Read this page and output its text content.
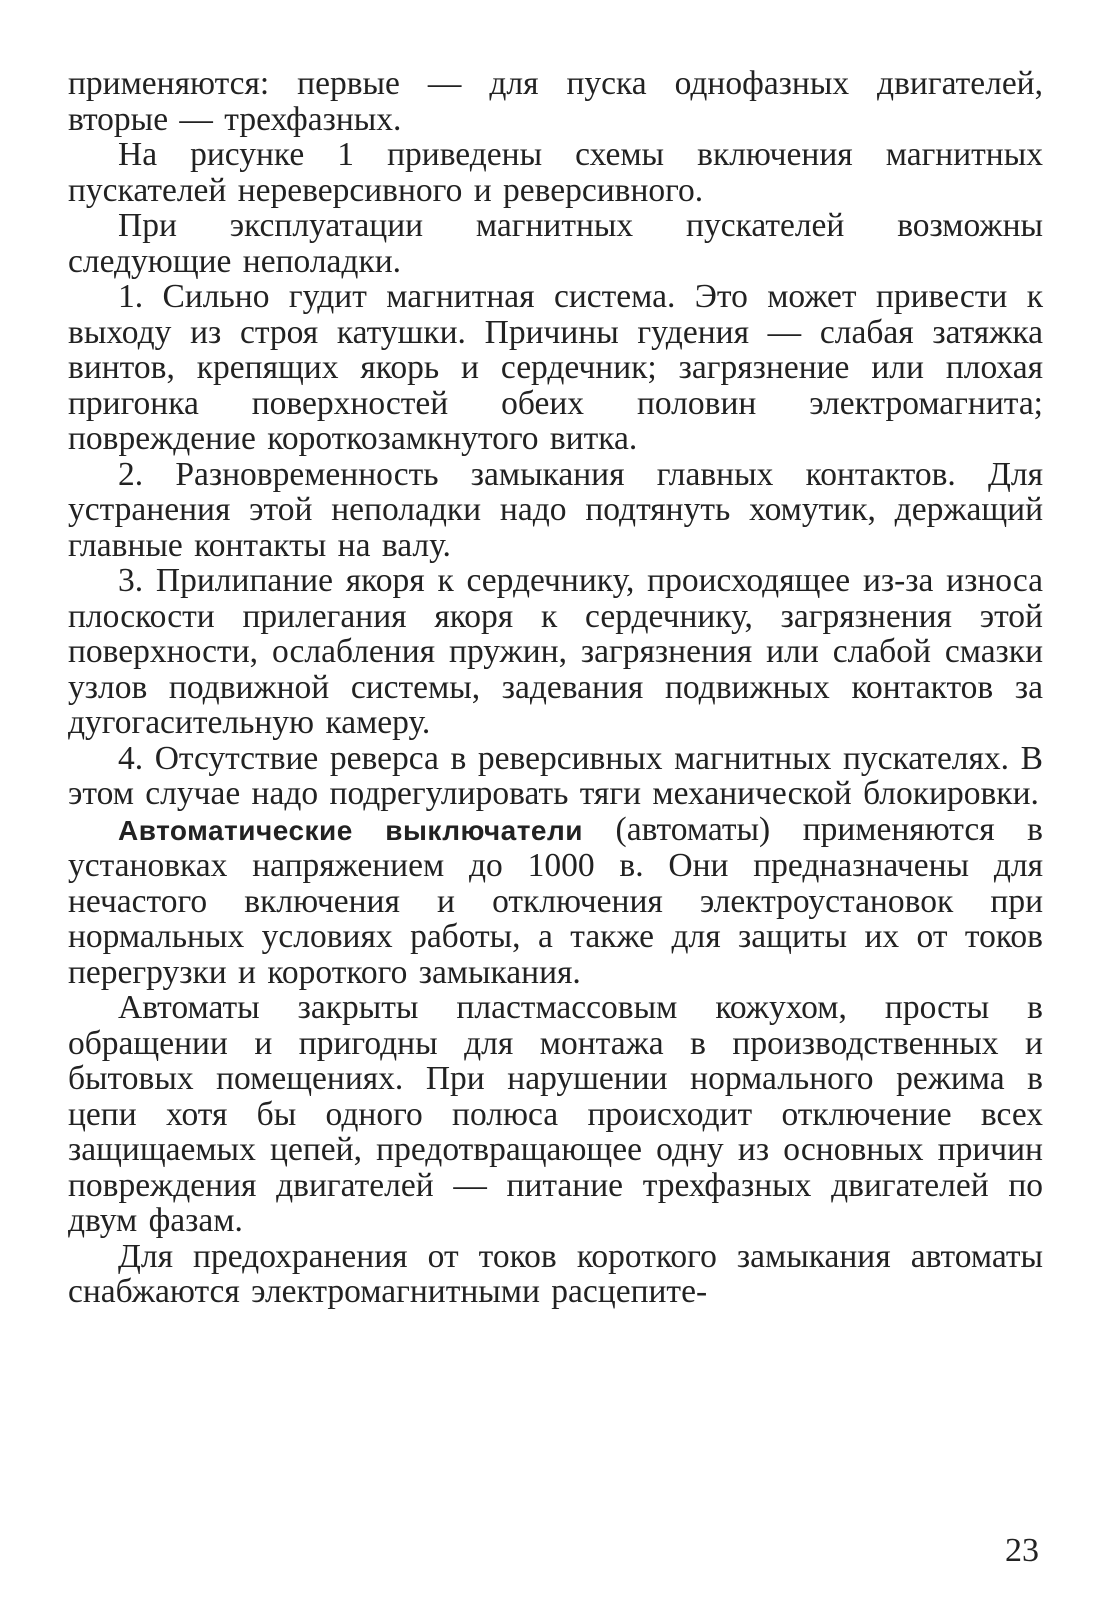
применяются: первые — для пуска однофазных двигателей, вторые — трехфазных.

На рисунке 1 приведены схемы включения магнитных пускателей нереверсивного и реверсивного.

При эксплуатации магнитных пускателей возможны следующие неполадки.

1. Сильно гудит магнитная система. Это может привести к выходу из строя катушки. Причины гудения — слабая затяжка винтов, крепящих якорь и сердечник; загрязнение или плохая пригонка поверхностей обеих половин электромагнита; повреждение короткозамкнутого витка.

2. Разновременность замыкания главных контактов. Для устранения этой неполадки надо подтянуть хомутик, держащий главные контакты на валу.

3. Прилипание якоря к сердечнику, происходящее из-за износа плоскости прилегания якоря к сердечнику, загрязнения этой поверхности, ослабления пружин, загрязнения или слабой смазки узлов подвижной системы, задевания подвижных контактов за дугогасительную камеру.

4. Отсутствие реверса в реверсивных магнитных пускателях. В этом случае надо подрегулировать тяги механической блокировки.

Автоматические выключатели (автоматы) применяются в установках напряжением до 1000 в. Они предназначены для нечастого включения и отключения электроустановок при нормальных условиях работы, а также для защиты их от токов перегрузки и короткого замыкания.

Автоматы закрыты пластмассовым кожухом, просты в обращении и пригодны для монтажа в производственных и бытовых помещениях. При нарушении нормального режима в цепи хотя бы одного полюса происходит отключение всех защищаемых цепей, предотвращающее одну из основных причин повреждения двигателей — питание трехфазных двигателей по двум фазам.

Для предохранения от токов короткого замыкания автоматы снабжаются электромагнитными расцепите-

23
